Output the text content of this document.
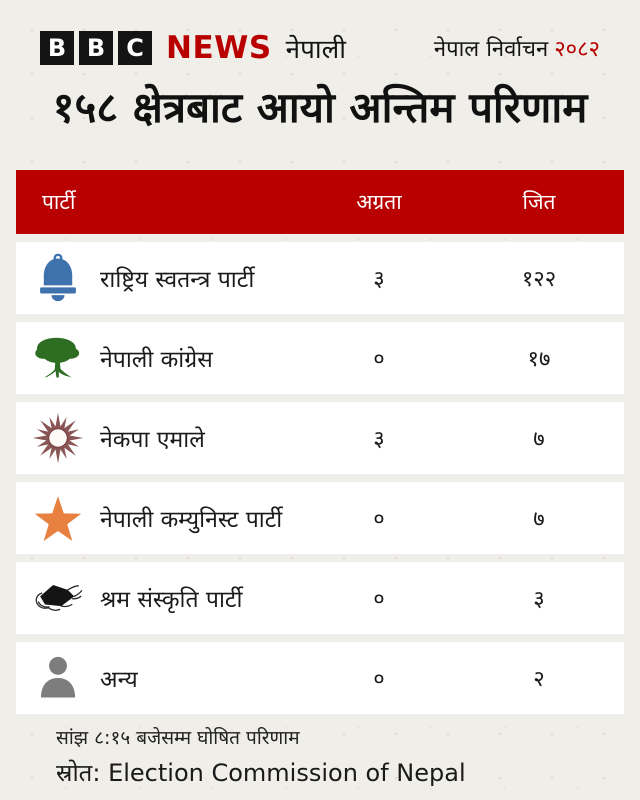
B B C NEWS नेपाली	नेपाल निर्वाचन २०८२
१५८ क्षेत्रबाट आयो अन्तिम परिणाम
पार्टी	अग्रता	जित
राष्ट्रिय स्वतन्त्र पार्टी	३	१२२
नेपाली कांग्रेस	०	१७
नेकपा एमाले	३	७
नेपाली कम्युनिस्ट पार्टी	०	७
श्रम संस्कृति पार्टी	०	३
अन्य	०	२
सांझ ८:१५ बजेसम्म घोषित परिणाम
स्रोत: Election Commission of Nepal
